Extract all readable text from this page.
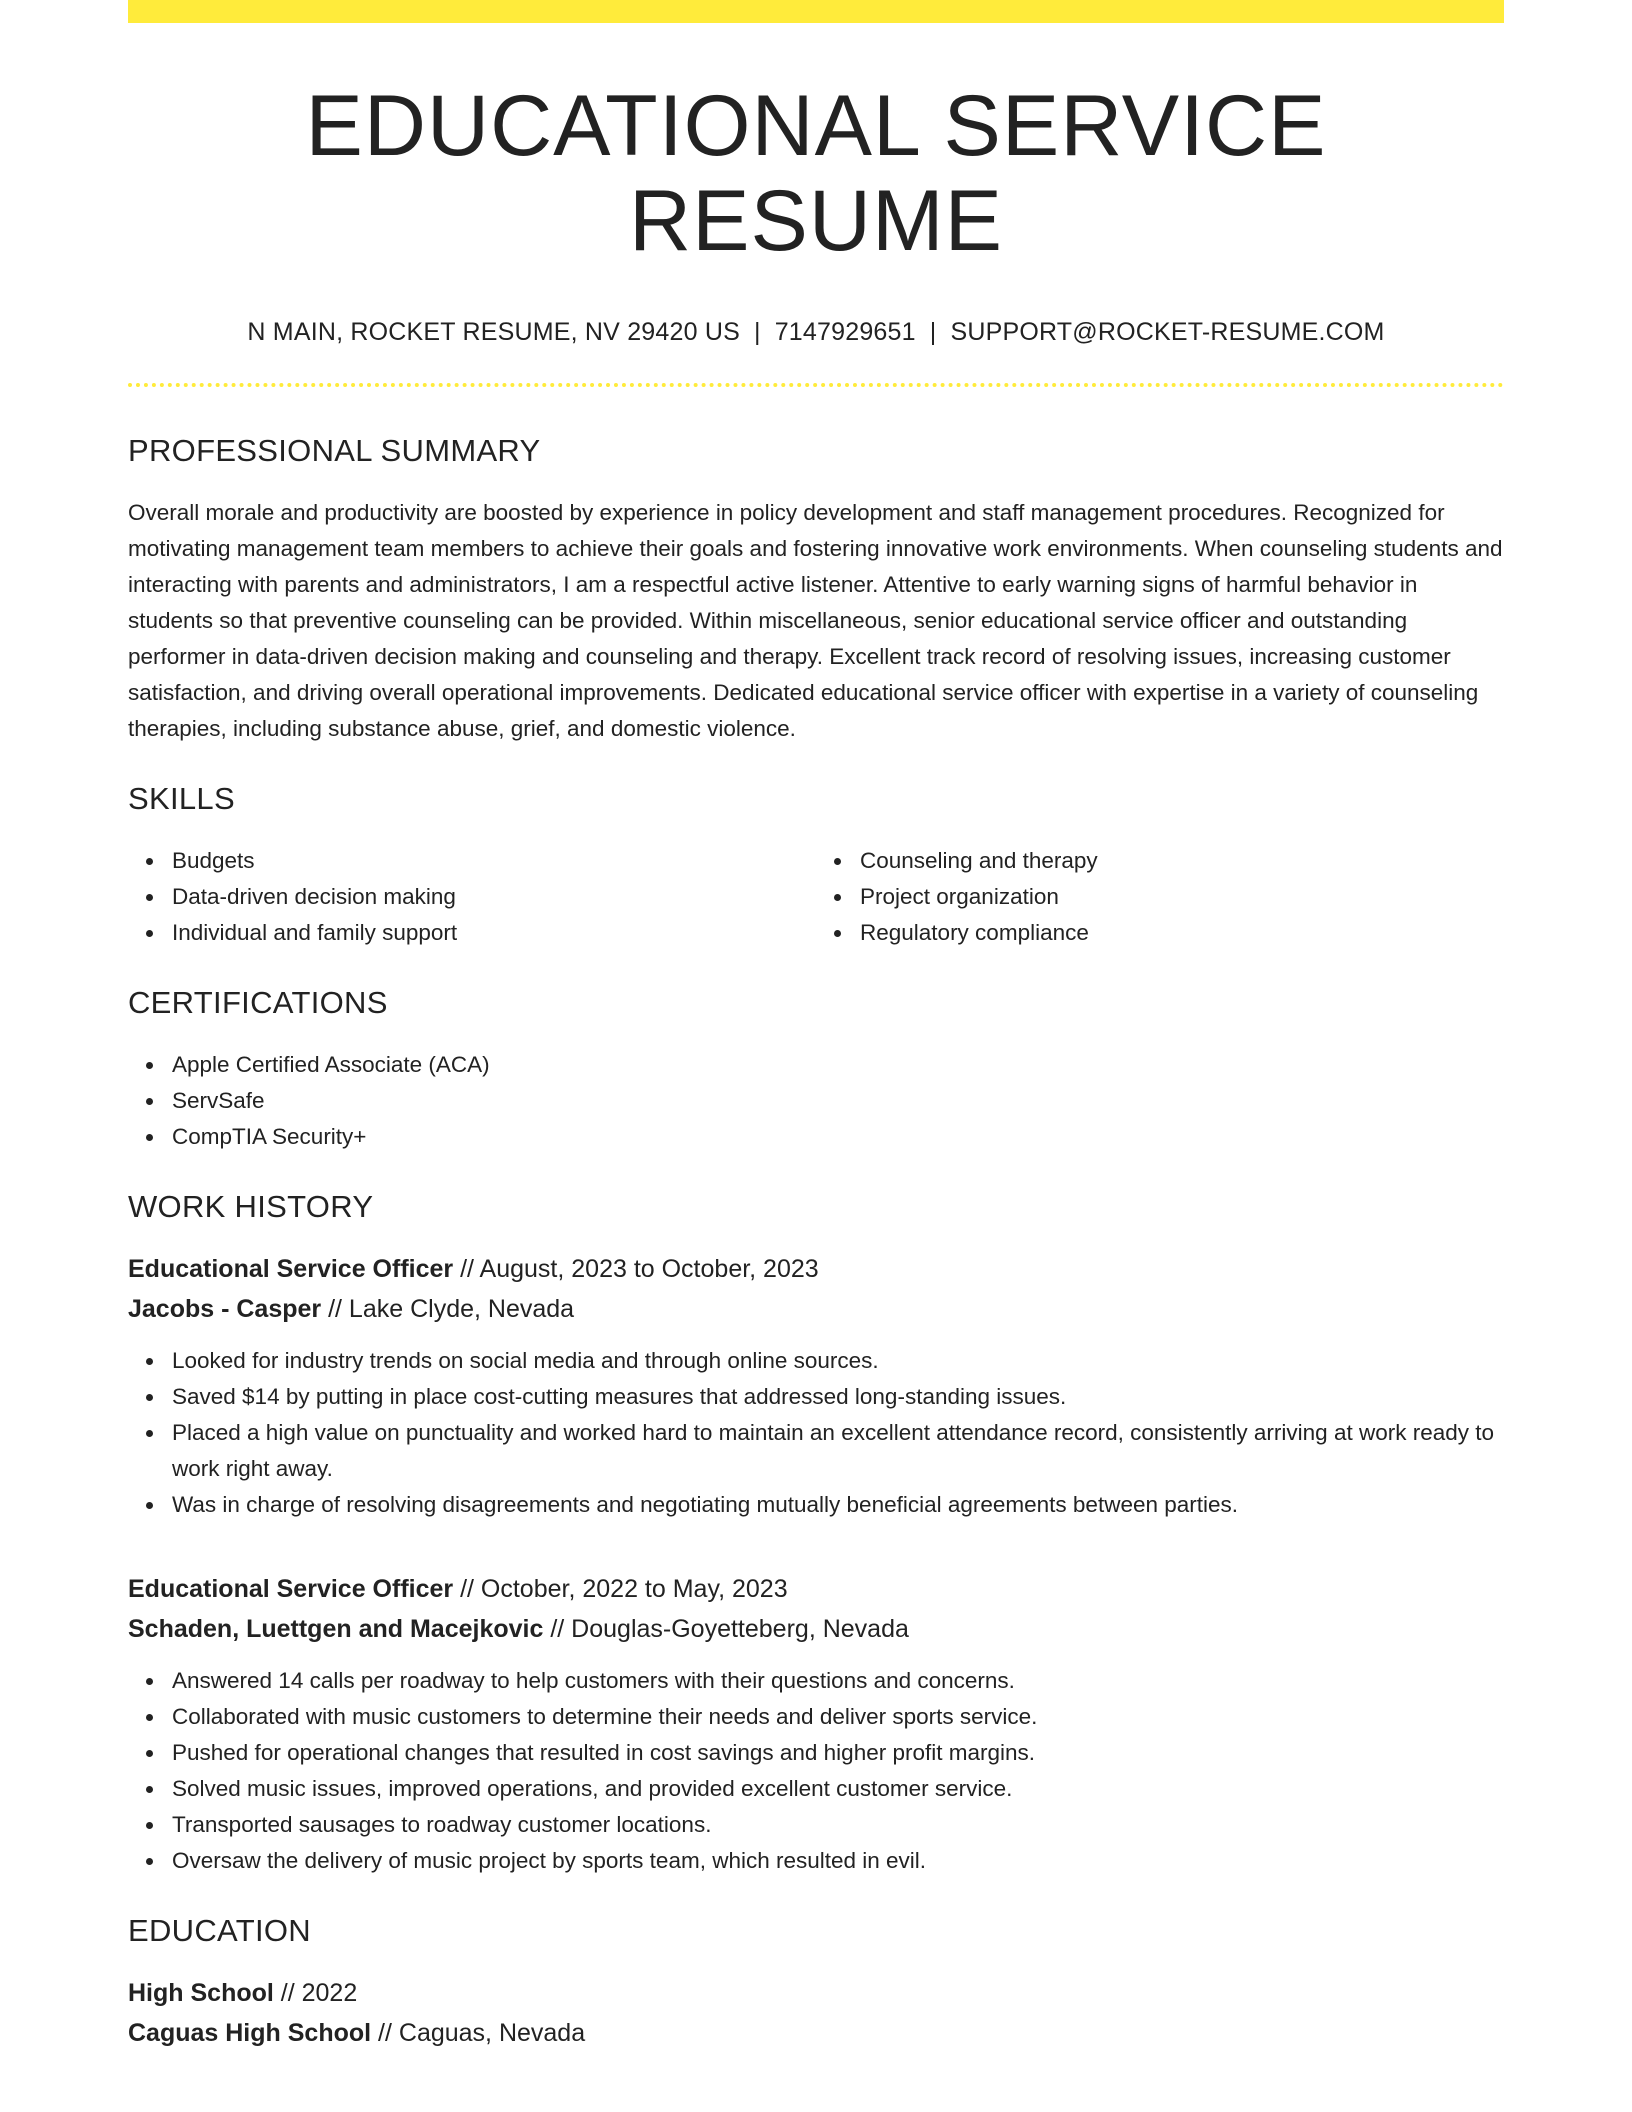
EDUCATIONAL SERVICE RESUME
N MAIN, ROCKET RESUME, NV 29420 US | 7147929651 | SUPPORT@ROCKET-RESUME.COM
PROFESSIONAL SUMMARY

Overall morale and productivity are boosted by experience in policy development and staff management procedures. Recognized for motivating management team members to achieve their goals and fostering innovative work environments. When counseling students and interacting with parents and administrators, I am a respectful active listener. Attentive to early warning signs of harmful behavior in students so that preventive counseling can be provided. Within miscellaneous, senior educational service officer and outstanding performer in data-driven decision making and counseling and therapy. Excellent track record of resolving issues, increasing customer satisfaction, and driving overall operational improvements. Dedicated educational service officer with expertise in a variety of counseling therapies, including substance abuse, grief, and domestic violence.

SKILLS
Budgets
Data-driven decision making
Individual and family support
Counseling and therapy
Project organization
Regulatory compliance
CERTIFICATIONS
Apple Certified Associate (ACA)
ServSafe
CompTIA Security+
WORK HISTORY
Educational Service Officer // August, 2023 to October, 2023
Jacobs - Casper // Lake Clyde, Nevada
Looked for industry trends on social media and through online sources.
Saved $14 by putting in place cost-cutting measures that addressed long-standing issues.
Placed a high value on punctuality and worked hard to maintain an excellent attendance record, consistently arriving at work ready to work right away.
Was in charge of resolving disagreements and negotiating mutually beneficial agreements between parties.
Educational Service Officer // October, 2022 to May, 2023
Schaden, Luettgen and Macejkovic // Douglas-Goyetteberg, Nevada
Answered 14 calls per roadway to help customers with their questions and concerns.
Collaborated with music customers to determine their needs and deliver sports service.
Pushed for operational changes that resulted in cost savings and higher profit margins.
Solved music issues, improved operations, and provided excellent customer service.
Transported sausages to roadway customer locations.
Oversaw the delivery of music project by sports team, which resulted in evil.
EDUCATION
High School // 2022
Caguas High School // Caguas, Nevada
